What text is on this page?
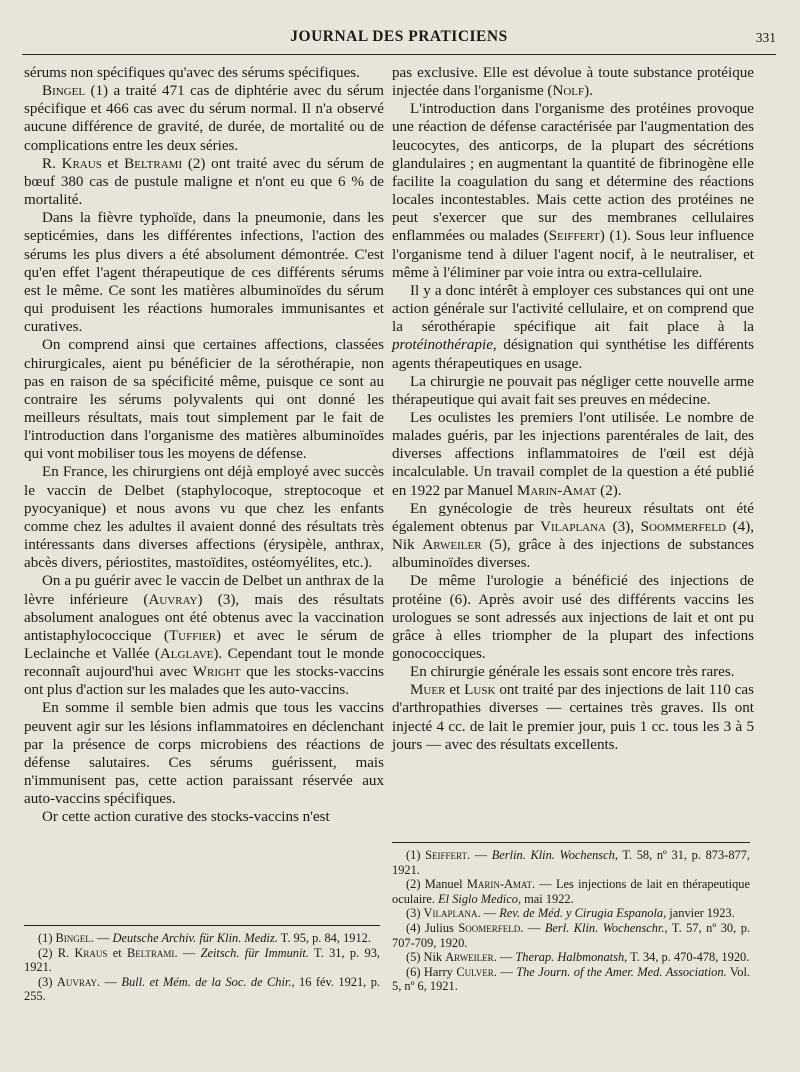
JOURNAL DES PRATICIENS	331

sérums non spécifiques qu'avec des sérums spécifiques.

Bingel (1) a traité 471 cas de diphtérie avec du sérum spécifique et 466 cas avec du sérum normal. Il n'a observé aucune différence de gravité, de durée, de mortalité ou de complications entre les deux séries.

R. Kraus et Beltrami (2) ont traité avec du sérum de bœuf 380 cas de pustule maligne et n'ont eu que 6 % de mortalité.

Dans la fièvre typhoïde, dans la pneumonie, dans les septicémies, dans les différentes infections, l'action des sérums les plus divers a été absolument démontrée. C'est qu'en effet l'agent thérapeutique de ces différents sérums est le même. Ce sont les matières albuminoïdes du sérum qui produisent les réactions humorales immunisantes et curatives.

On comprend ainsi que certaines affections, classées chirurgicales, aient pu bénéficier de la sérothérapie, non pas en raison de sa spécificité même, puisque ce sont au contraire les sérums polyvalents qui ont donné les meilleurs résultats, mais tout simplement par le fait de l'introduction dans l'organisme des matières albuminoïdes qui vont mobiliser tous les moyens de défense.

En France, les chirurgiens ont déjà employé avec succès le vaccin de Delbet (staphylocoque, streptocoque et pyocyanique) et nous avons vu que chez les enfants comme chez les adultes il avaient donné des résultats très intéressants dans diverses affections (érysipèle, anthrax, abcès divers, périostites, mastoïdites, ostéomyélites, etc.).

On a pu guérir avec le vaccin de Delbet un anthrax de la lèvre inférieure (Auvray) (3), mais des résultats absolument analogues ont été obtenus avec la vaccination antistaphylococcique (Tuffier) et avec le sérum de Leclainche et Vallée (Alglave). Cependant tout le monde reconnaît aujourd'hui avec Wright que les stocks-vaccins ont plus d'action sur les malades que les auto-vaccins.

En somme il semble bien admis que tous les vaccins peuvent agir sur les lésions inflammatoires en déclenchant par la présence de corps microbiens des réactions de défense salutaires. Ces sérums guérissent, mais n'immunisent pas, cette action paraissant réservée aux auto-vaccins spécifiques.

Or cette action curative des stocks-vaccins n'est

pas exclusive. Elle est dévolue à toute substance protéique injectée dans l'organisme (Nolf).

L'introduction dans l'organisme des protéines provoque une réaction de défense caractérisée par l'augmentation des leucocytes, des anticorps, de la plupart des sécrétions glandulaires ; en augmentant la quantité de fibrinogène elle facilite la coagulation du sang et détermine des réactions locales incontestables. Mais cette action des protéines ne peut s'exercer que sur des membranes cellulaires enflammées ou malades (Seiffert) (1). Sous leur influence l'organisme tend à diluer l'agent nocif, à le neutraliser, et même à l'éliminer par voie intra ou extra-cellulaire.

Il y a donc intérêt à employer ces substances qui ont une action générale sur l'activité cellulaire, et on comprend que la sérothérapie spécifique ait fait place à la protéinothérapie, désignation qui synthétise les différents agents thérapeutiques en usage.

La chirurgie ne pouvait pas négliger cette nouvelle arme thérapeutique qui avait fait ses preuves en médecine.

Les oculistes les premiers l'ont utilisée. Le nombre de malades guéris, par les injections parentérales de lait, des diverses affections inflammatoires de l'œil est déjà incalculable. Un travail complet de la question a été publié en 1922 par Manuel Marin-Amat (2).

En gynécologie de très heureux résultats ont été également obtenus par Vilaplana (3), Soommerfeld (4), Nik Arweiler (5), grâce à des injections de substances albuminoïdes diverses.

De même l'urologie a bénéficié des injections de protéine (6). Après avoir usé des différents vaccins les urologues se sont adressés aux injections de lait et ont pu grâce à elles triompher de la plupart des infections gonococciques.

En chirurgie générale les essais sont encore très rares.

Muer et Lusk ont traité par des injections de lait 110 cas d'arthropathies diverses — certaines très graves. Ils ont injecté 4 cc. de lait le premier jour, puis 1 cc. tous les 3 à 5 jours — avec des résultats excellents.

(1) Bingel. — Deutsche Archiv. für Klin. Mediz. T. 95, p. 84, 1912.

(2) R. Kraus et Beltrami. — Zeitsch. für Immunit. T. 31, p. 93, 1921.

(3) Auvray. — Bull. et Mém. de la Soc. de Chir., 16 fév. 1921, p. 255.

(1) Seiffert. — Berlin. Klin. Wochensch, T. 58, nº 31, p. 873-877, 1921.

(2) Manuel Marin-Amat. — Les injections de lait en thérapeutique oculaire. El Siglo Medico, mai 1922.

(3) Vilaplana. — Rev. de Méd. y Cirugia Espanola, janvier 1923.

(4) Julius Soomerfeld. — Berl. Klin. Wochenschr., T. 57, nº 30, p. 707-709, 1920.

(5) Nik Arweiler. — Therap. Halbmonatsh, T. 34, p. 470-478, 1920.

(6) Harry Culver. — The Journ. of the Amer. Med. Association. Vol. 5, nº 6, 1921.
